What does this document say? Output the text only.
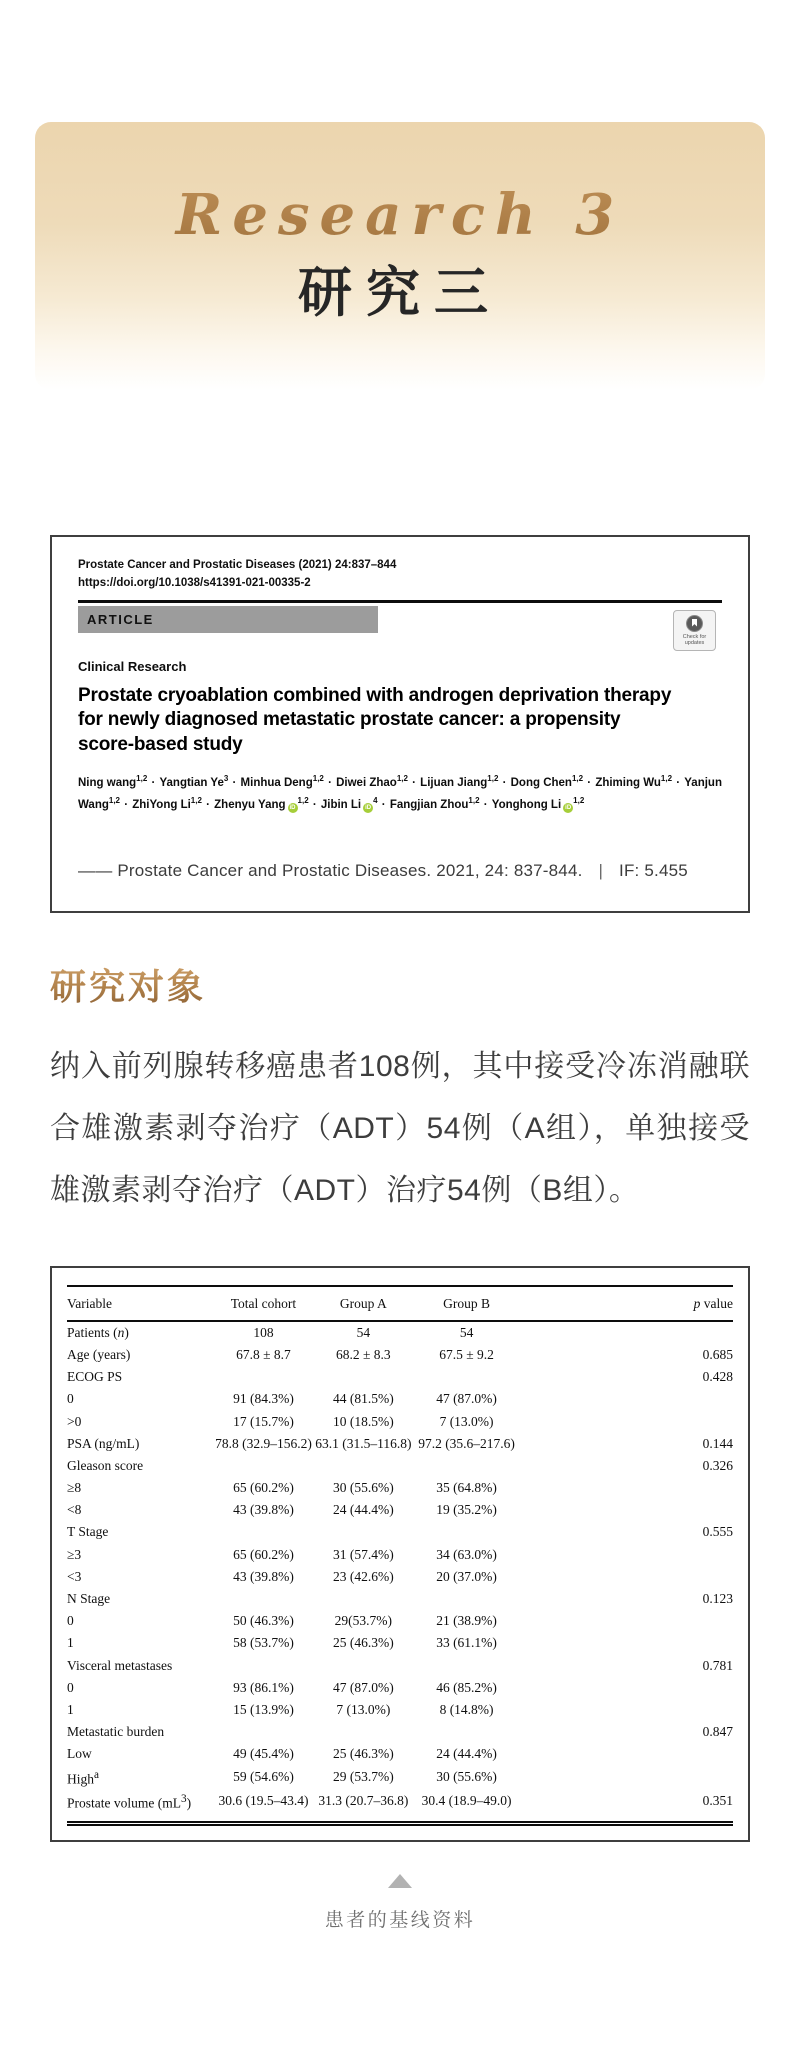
Research 3
研究三
Prostate Cancer and Prostatic Diseases (2021) 24:837–844
https://doi.org/10.1038/s41391-021-00335-2
ARTICLE
Check for updates
Clinical Research
Prostate cryoablation combined with androgen deprivation therapy for newly diagnosed metastatic prostate cancer: a propensity score-based study
Ning wang$^{1,2}$ · Yangtian $Ye^3$ · Minhua Deng$^{1,2}$ · Diwei Zhao$^{1,2}$ · Lijuan Jiang$^{1,2}$ · Dong Chen$^{1,2}$ · Zhiming Wu$^{1,2}$ · Yanjun Wang$^{1,2}$ · ZhiYong Li$^{1,2}$ · Zhenyu Yang iD$^{1,2}$ · Jibin Li $iD^4$ · Fangjian Zhou$^{1,2}$ · Yonghong Li iD$^{1,2}$
—— Prostate Cancer and Prostatic Diseases. 2021, 24: 837-844. | IF: 5.455
研究对象
纳入前列腺转移癌患者108例，其中接受冷冻消融联合雄激素剥夺治疗（ADT）54例（A组），单独接受雄激素剥夺治疗（ADT）治疗54例（B组）。
Variable	Total cohort	Group A	Group B	p value
Patients (n)	108	54	54	
Age (years)	67.8 ± 8.7	68.2 ± 8.3	67.5 ± 9.2	0.685
ECOG PS				0.428
0	91 (84.3%)	44 (81.5%)	47 (87.0%)	
>0	17 (15.7%)	10 (18.5%)	7 (13.0%)	
PSA (ng/mL)	78.8 (32.9–156.2)	63.1 (31.5–116.8)	97.2 (35.6–217.6)	0.144
Gleason score				0.326
≥8	65 (60.2%)	30 (55.6%)	35 (64.8%)	
<8	43 (39.8%)	24 (44.4%)	19 (35.2%)	
T Stage				0.555
≥3	65 (60.2%)	31 (57.4%)	34 (63.0%)	
<3	43 (39.8%)	23 (42.6%)	20 (37.0%)	
N Stage				0.123
0	50 (46.3%)	29(53.7%)	21 (38.9%)	
1	58 (53.7%)	25 (46.3%)	33 (61.1%)	
Visceral metastases				0.781
0	93 (86.1%)	47 (87.0%)	46 (85.2%)	
1	15 (13.9%)	7 (13.0%)	8 (14.8%)	
Metastatic burden				0.847
Low	49 (45.4%)	25 (46.3%)	24 (44.4%)	
High$^a$	59 (54.6%)	29 (53.7%)	30 (55.6%)	
Prostate volume $(mL^3)$	30.6 (19.5–43.4)	31.3 (20.7–36.8)	30.4 (18.9–49.0)	0.351
患者的基线资料
